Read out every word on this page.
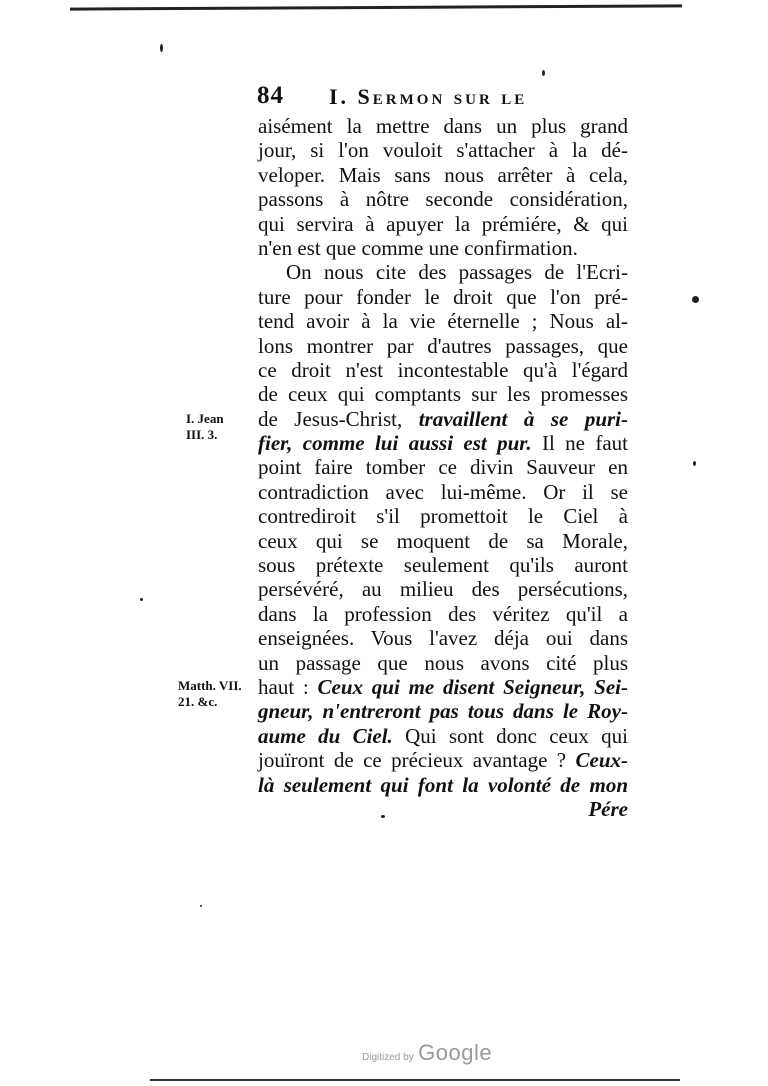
84 I. Sermon sur le
I. Jean
III. 3.
Matth. VII.
21. &c.
aisément la mettre dans un plus grand
jour, si l'on vouloit s'attacher à la dé-
veloper. Mais sans nous arrêter à cela,
passons à nôtre seconde considération,
qui servira à apuyer la prémiére, & qui
n'en est que comme une confirmation.
On nous cite des passages de l'Ecri-
ture pour fonder le droit que l'on pré-
tend avoir à la vie éternelle ; Nous al-
lons montrer par d'autres passages, que
ce droit n'est incontestable qu'à l'égard
de ceux qui comptants sur les promesses
de Jesus-Christ, travaillent à se puri-
fier, comme lui aussi est pur. Il ne faut
point faire tomber ce divin Sauveur en
contradiction avec lui-même. Or il se
contrediroit s'il promettoit le Ciel à
ceux qui se moquent de sa Morale,
sous prétexte seulement qu'ils auront
persévéré, au milieu des persécutions,
dans la profession des véritez qu'il a
enseignées. Vous l'avez déja oui dans
un passage que nous avons cité plus
haut : Ceux qui me disent Seigneur, Sei-
gneur, n'entreront pas tous dans le Roy-
aume du Ciel. Qui sont donc ceux qui
jouïront de ce précieux avantage ? Ceux-
là seulement qui font la volonté de mon
Pére
Digitized by Google
